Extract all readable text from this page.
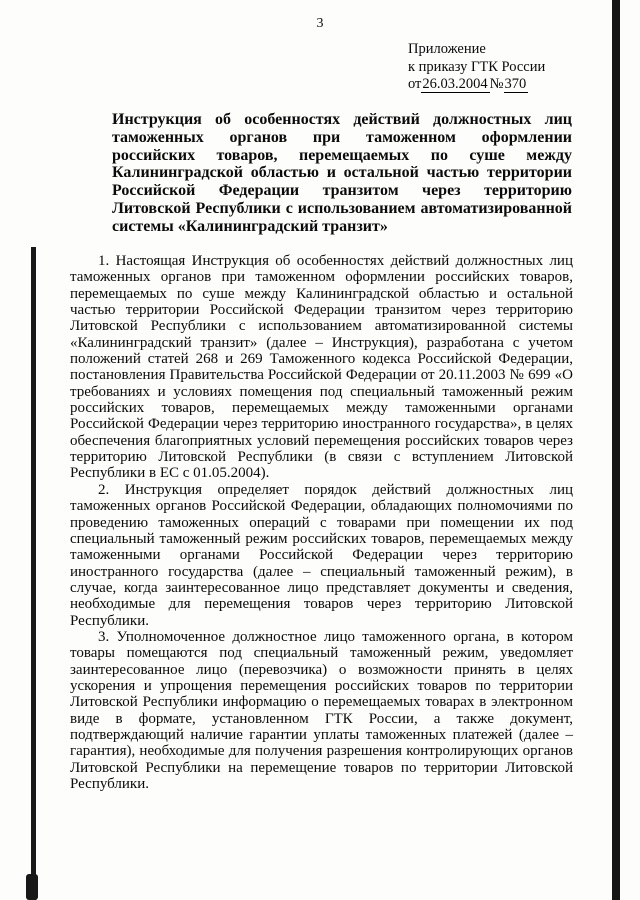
3
Приложение
к приказу ГТК России
от26.03.2004 №370
Инструкция об особенностях действий должностных лиц таможенных органов при таможенном оформлении российских товаров, перемещаемых по суше между Калининградской областью и остальной частью территории Российской Федерации транзитом через территорию Литовской Республики с использованием автоматизированной системы «Калининградский транзит»

1. Настоящая Инструкция об особенностях действий должностных лиц таможенных органов при таможенном оформлении российских товаров, перемещаемых по суше между Калининградской областью и остальной частью территории Российской Федерации транзитом через территорию Литовской Республики с использованием автоматизированной системы «Калининградский транзит» (далее – Инструкция), разработана с учетом положений статей 268 и 269 Таможенного кодекса Российской Федерации, постановления Правительства Российской Федерации от 20.11.2003 № 699 «О требованиях и условиях помещения под специальный таможенный режим российских товаров, перемещаемых между таможенными органами Российской Федерации через территорию иностранного государства», в целях обеспечения благоприятных условий перемещения российских товаров через территорию Литовской Республики (в связи с вступлением Литовской Республики в ЕС с 01.05.2004).

2. Инструкция определяет порядок действий должностных лиц таможенных органов Российской Федерации, обладающих полномочиями по проведению таможенных операций с товарами при помещении их под специальный таможенный режим российских товаров, перемещаемых между таможенными органами Российской Федерации через территорию иностранного государства (далее – специальный таможенный режим), в случае, когда заинтересованное лицо представляет документы и сведения, необходимые для перемещения товаров через территорию Литовской Республики.

3. Уполномоченное должностное лицо таможенного органа, в котором товары помещаются под специальный таможенный режим, уведомляет заинтересованное лицо (перевозчика) о возможности принять в целях ускорения и упрощения перемещения российских товаров по территории Литовской Республики информацию о перемещаемых товарах в электронном виде в формате, установленном ГТК России, а также документ, подтверждающий наличие гарантии уплаты таможенных платежей (далее – гарантия), необходимые для получения разрешения контролирующих органов Литовской Республики на перемещение товаров по территории Литовской Республики.
